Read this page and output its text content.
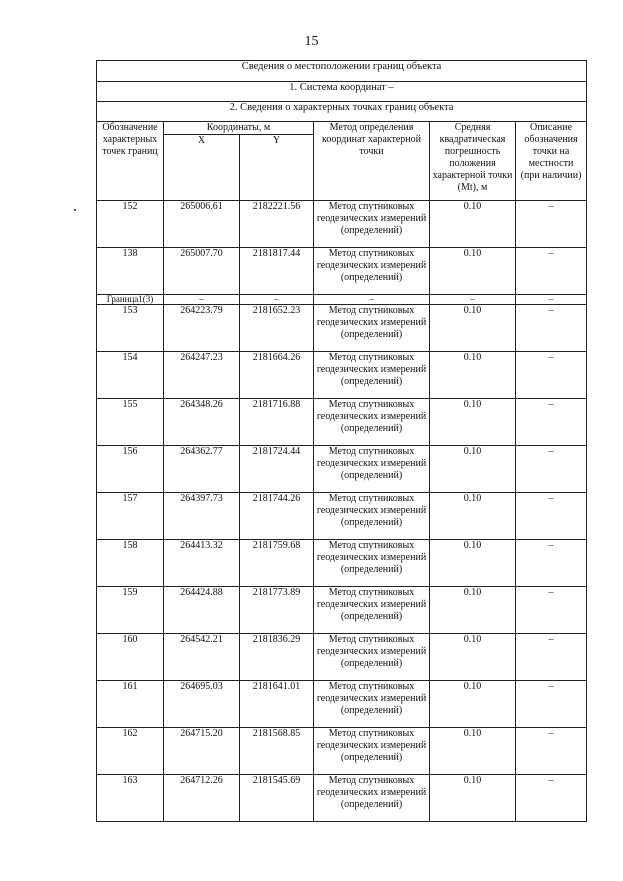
15
Сведения о местоположении границ объекта					
1. Система координат –					
2. Сведения о характерных точках границ объекта					
Обозначение характерных точек границ	Координаты, м		Метод определения координат характерной точки	Средняя квадратическая погрешность положения характерной точки (Mt), м	Описание обозначения точки на местности (при наличии)
	X	Y			
152	265006.61	2182221.56	Метод спутниковых геодезических измерений (определений)	0.10	–
138	265007.70	2181817.44	Метод спутниковых геодезических измерений (определений)	0.10	–
Граница1(3)	–	–	–	–	–
153	264223.79	2181652.23	Метод спутниковых геодезических измерений (определений)	0.10	–
154	264247.23	2181664.26	Метод спутниковых геодезических измерений (определений)	0.10	–
155	264348.26	2181716.88	Метод спутниковых геодезических измерений (определений)	0.10	–
156	264362.77	2181724.44	Метод спутниковых геодезических измерений (определений)	0.10	–
157	264397.73	2181744.26	Метод спутниковых геодезических измерений (определений)	0.10	–
158	264413.32	2181759.68	Метод спутниковых геодезических измерений (определений)	0.10	–
159	264424.88	2181773.89	Метод спутниковых геодезических измерений (определений)	0.10	–
160	264542.21	2181836.29	Метод спутниковых геодезических измерений (определений)	0.10	–
161	264695.03	2181641.01	Метод спутниковых геодезических измерений (определений)	0.10	–
162	264715.20	2181568.85	Метод спутниковых геодезических измерений (определений)	0.10	–
163	264712.26	2181545.69	Метод спутниковых геодезических измерений (определений)	0.10	–
